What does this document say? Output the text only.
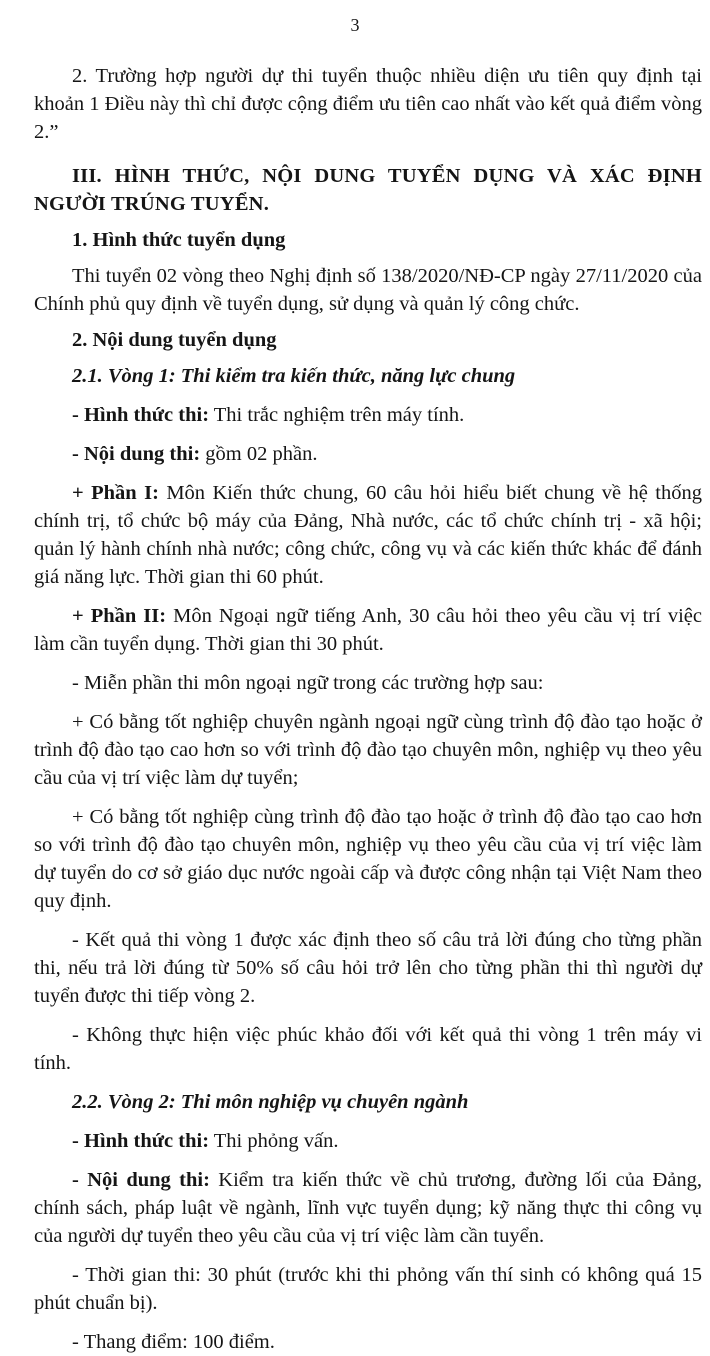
3

2. Trường hợp người dự thi tuyển thuộc nhiều diện ưu tiên quy định tại khoản 1 Điều này thì chỉ được cộng điểm ưu tiên cao nhất vào kết quả điểm vòng 2.”

III. HÌNH THỨC, NỘI DUNG TUYỂN DỤNG VÀ XÁC ĐỊNH NGƯỜI TRÚNG TUYỂN.

1. Hình thức tuyển dụng

Thi tuyển 02 vòng theo Nghị định số 138/2020/NĐ-CP ngày 27/11/2020 của Chính phủ quy định về tuyển dụng, sử dụng và quản lý công chức.

2. Nội dung tuyển dụng

2.1. Vòng 1: Thi kiểm tra kiến thức, năng lực chung

- Hình thức thi: Thi trắc nghiệm trên máy tính.

- Nội dung thi: gồm 02 phần.

+ Phần I: Môn Kiến thức chung, 60 câu hỏi hiểu biết chung về hệ thống chính trị, tổ chức bộ máy của Đảng, Nhà nước, các tổ chức chính trị - xã hội; quản lý hành chính nhà nước; công chức, công vụ và các kiến thức khác để đánh giá năng lực. Thời gian thi 60 phút.

+ Phần II: Môn Ngoại ngữ tiếng Anh, 30 câu hỏi theo yêu cầu vị trí việc làm cần tuyển dụng. Thời gian thi 30 phút.

- Miễn phần thi môn ngoại ngữ trong các trường hợp sau:

+ Có bằng tốt nghiệp chuyên ngành ngoại ngữ cùng trình độ đào tạo hoặc ở trình độ đào tạo cao hơn so với trình độ đào tạo chuyên môn, nghiệp vụ theo yêu cầu của vị trí việc làm dự tuyển;

+ Có bằng tốt nghiệp cùng trình độ đào tạo hoặc ở trình độ đào tạo cao hơn so với trình độ đào tạo chuyên môn, nghiệp vụ theo yêu cầu của vị trí việc làm dự tuyển do cơ sở giáo dục nước ngoài cấp và được công nhận tại Việt Nam theo quy định.

- Kết quả thi vòng 1 được xác định theo số câu trả lời đúng cho từng phần thi, nếu trả lời đúng từ 50% số câu hỏi trở lên cho từng phần thi thì người dự tuyển được thi tiếp vòng 2.

- Không thực hiện việc phúc khảo đối với kết quả thi vòng 1 trên máy vi tính.

2.2. Vòng 2: Thi môn nghiệp vụ chuyên ngành

- Hình thức thi: Thi phỏng vấn.

- Nội dung thi: Kiểm tra kiến thức về chủ trương, đường lối của Đảng, chính sách, pháp luật về ngành, lĩnh vực tuyển dụng; kỹ năng thực thi công vụ của người dự tuyển theo yêu cầu của vị trí việc làm cần tuyển.

- Thời gian thi: 30 phút (trước khi thi phỏng vấn thí sinh có không quá 15 phút chuẩn bị).

- Thang điểm: 100 điểm.
